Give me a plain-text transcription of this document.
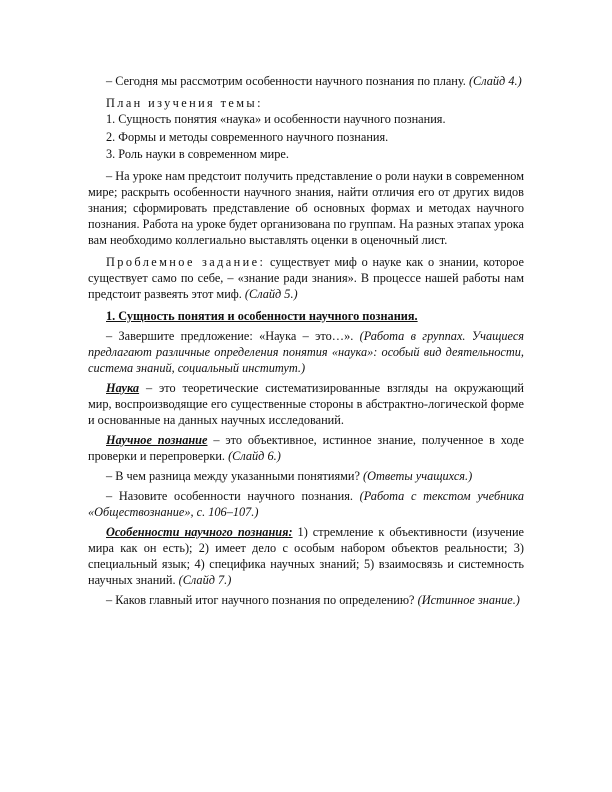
– Сегодня мы рассмотрим особенности научного познания по плану. (Слайд 4.)

План изучения темы:

1. Сущность понятия «наука» и особенности научного познания.
2. Формы и методы современного научного познания.
3. Роль науки в современном мире.

– На уроке нам предстоит получить представление о роли науки в современном мире; раскрыть особенности научного знания, найти отличия его от других видов знания; сформировать представление об основных формах и методах научного познания. Работа на уроке будет организована по группам. На разных этапах урока вам необходимо коллегиально выставлять оценки в оценочный лист.

Проблемное задание: существует миф о науке как о знании, которое существует само по себе, – «знание ради знания». В процессе нашей работы нам предстоит развеять этот миф. (Слайд 5.)

1. Сущность понятия и особенности научного познания.

– Завершите предложение: «Наука – это…». (Работа в группах. Учащиеся предлагают различные определения понятия «наука»: особый вид деятельности, система знаний, социальный институт.)

Наука – это теоретические систематизированные взгляды на окружающий мир, воспроизводящие его существенные стороны в абстрактно-логической форме и основанные на данных научных исследований.

Научное познание – это объективное, истинное знание, полученное в ходе проверки и перепроверки. (Слайд 6.)

– В чем разница между указанными понятиями? (Ответы учащихся.)

– Назовите особенности научного познания. (Работа с текстом учебника «Обществознание», с. 106–107.)

Особенности научного познания: 1) стремление к объективности (изучение мира как он есть); 2) имеет дело с особым набором объектов реальности; 3) специальный язык; 4) специфика научных знаний; 5) взаимосвязь и системность научных знаний. (Слайд 7.)

– Каков главный итог научного познания по определению? (Истинное знание.)
